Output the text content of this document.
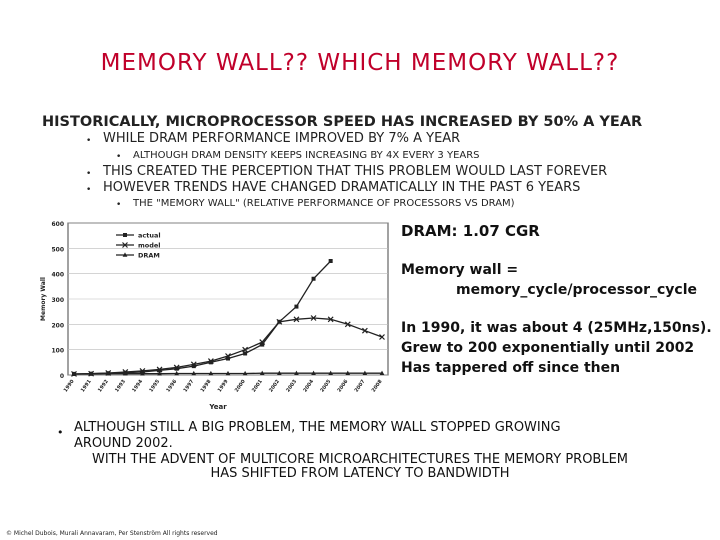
MEMORY WALL?? WHICH MEMORY WALL??
HISTORICALLY, MICROPROCESSOR SPEED HAS INCREASED BY 50% A YEAR
• WHILE DRAM PERFORMANCE IMPROVED BY 7% A YEAR
• ALTHOUGH DRAM DENSITY KEEPS INCREASING BY 4X EVERY 3 YEARS
• THIS CREATED THE PERCEPTION THAT THIS PROBLEM WOULD LAST FOREVER
• HOWEVER TRENDS HAVE CHANGED DRAMATICALLY IN THE PAST 6 YEARS
• THE "MEMORY WALL" (RELATIVE PERFORMANCE OF PROCESSORS VS DRAM)
0
100
200
300
400
500
600
1990 1991 1992 1993 1994 1995 1996 1997 1998 1999 2000 2001 2002 2003 2004 2005 2006 2007 2008
Year
Memory Wall
actual
model
DRAM
DRAM: 1.07 CGR
Memory wall =
memory_cycle/processor_cycle
In 1990, it was about 4 (25MHz,150ns).
Grew to 200 exponentially until 2002
Has tappered off since then
• ALTHOUGH STILL A BIG PROBLEM, THE MEMORY WALL STOPPED GROWING
AROUND 2002.
WITH THE ADVENT OF MULTICORE MICROARCHITECTURES THE MEMORY PROBLEM
HAS SHIFTED FROM LATENCY TO BANDWIDTH
© Michel Dubois, Murali Annavaram, Per Stenström All rights reserved
